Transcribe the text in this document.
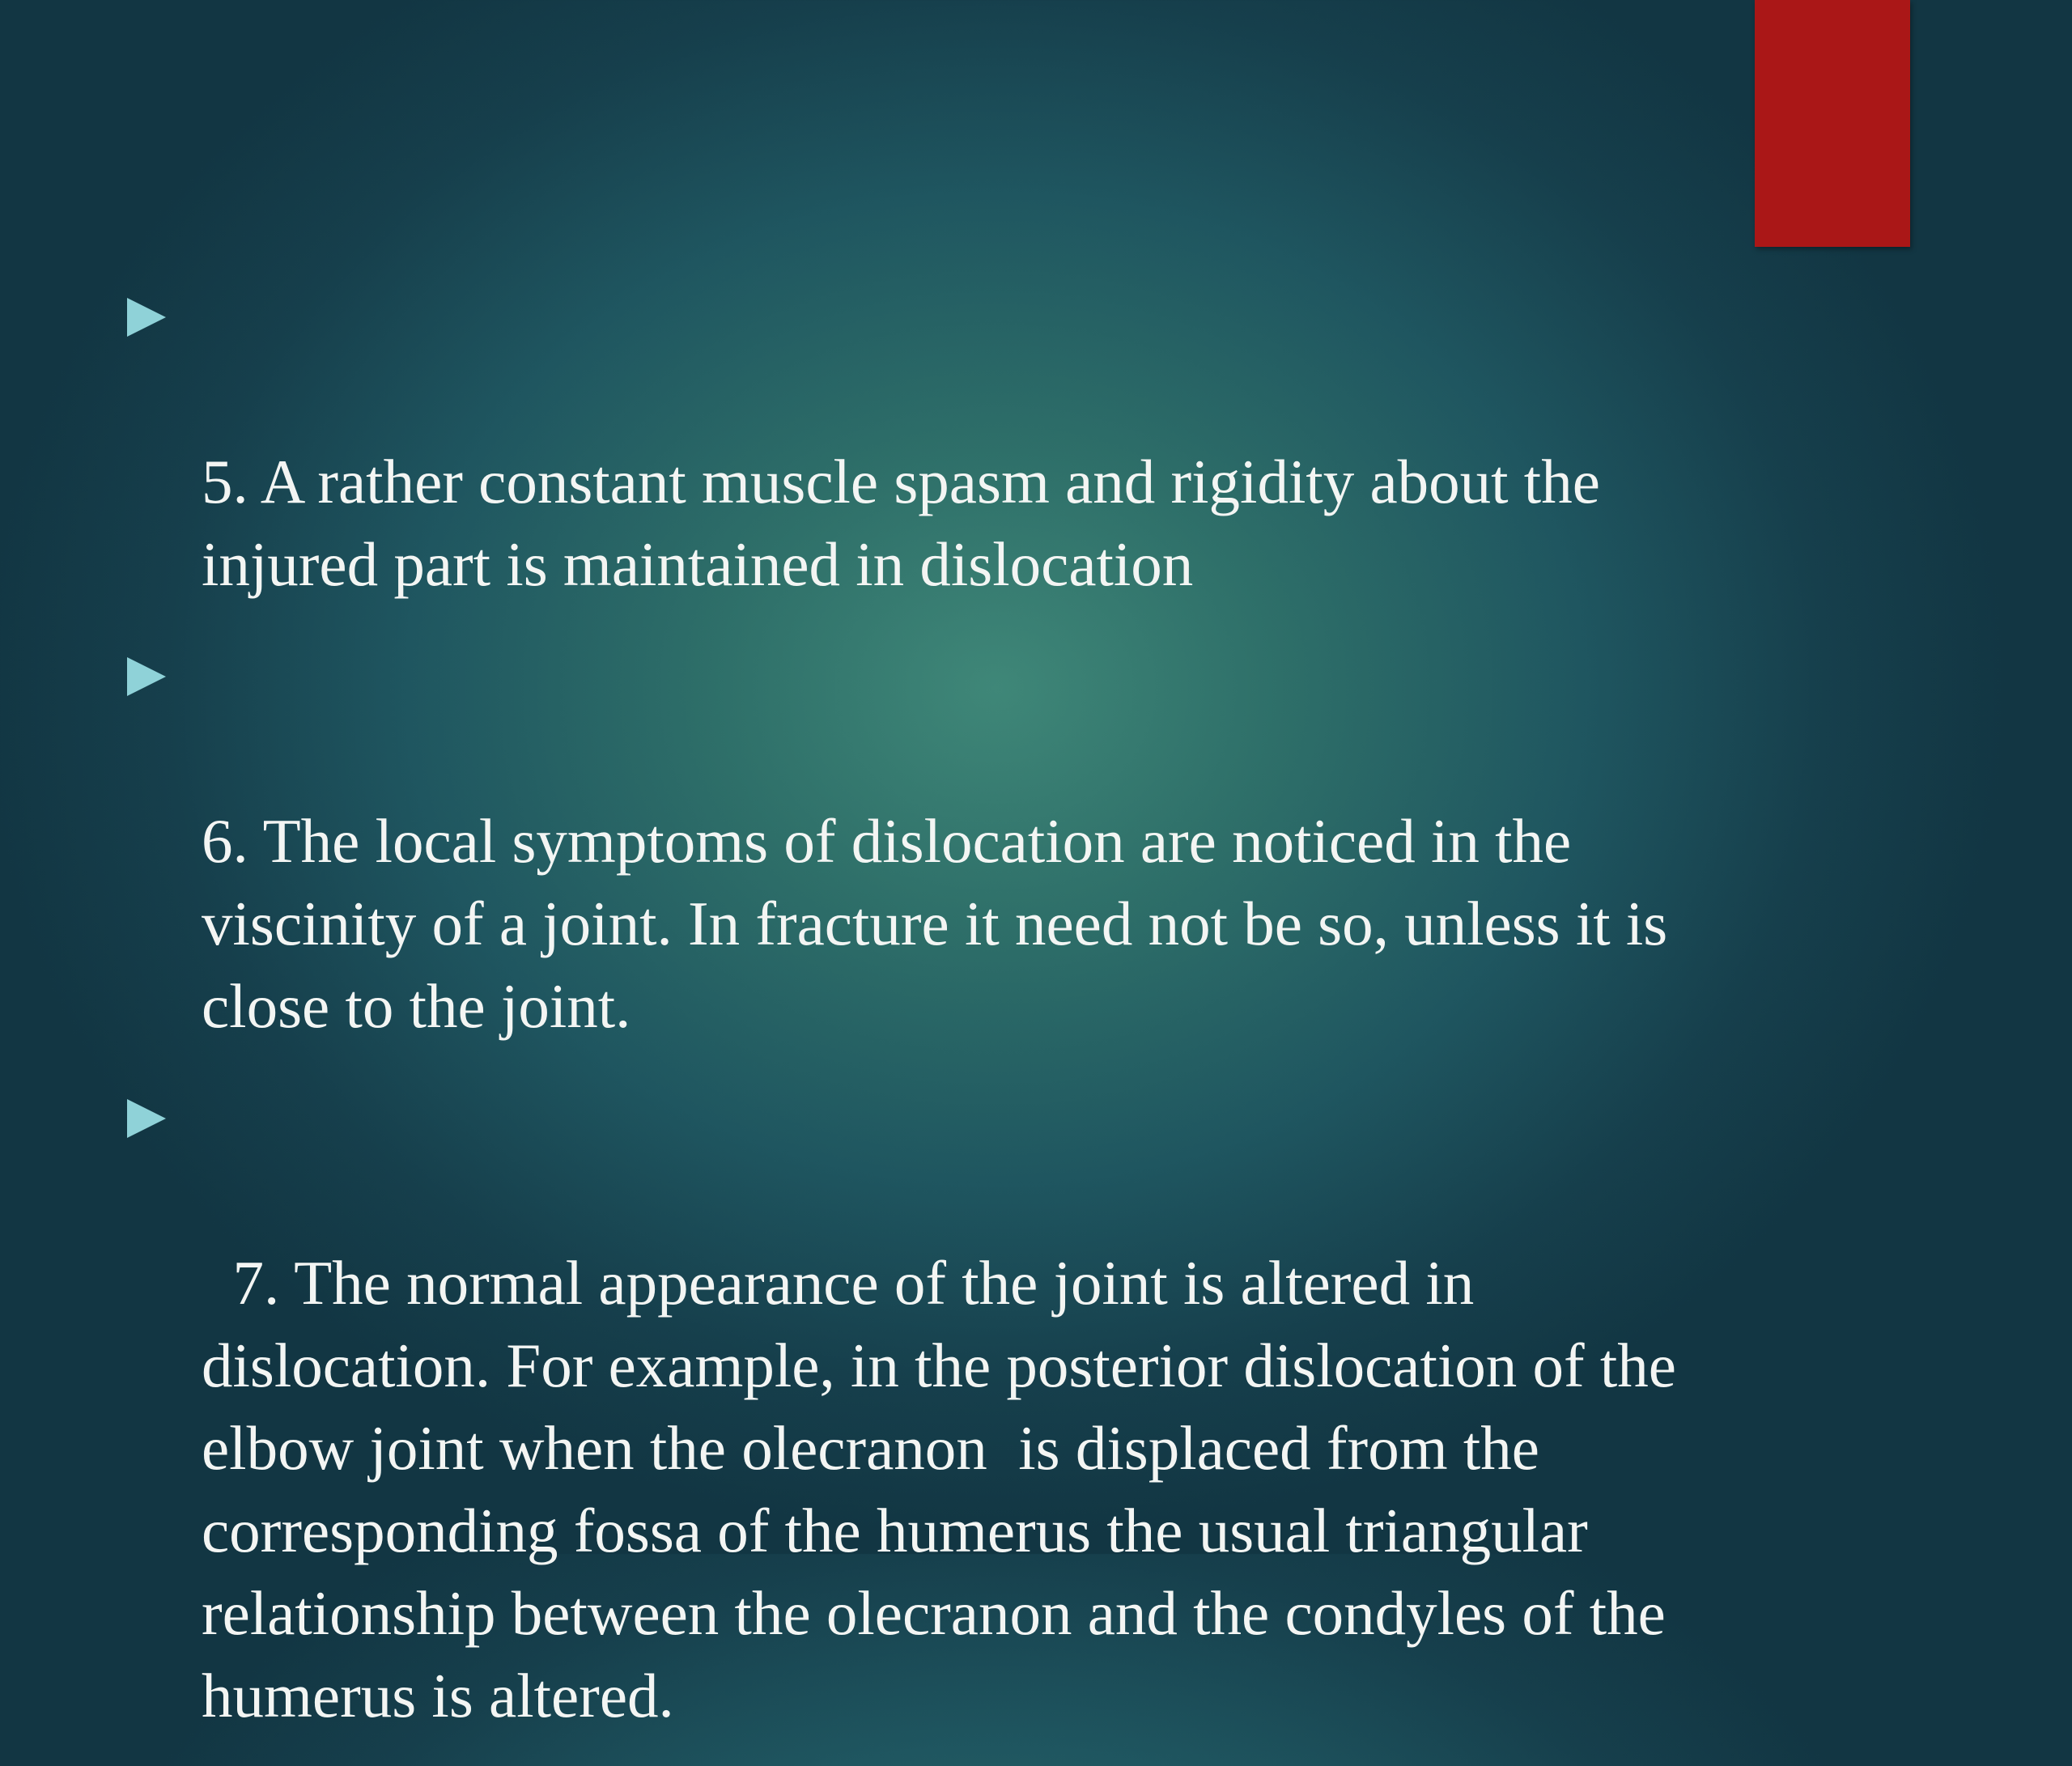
5. A rather constant muscle spasm and rigidity about the
injured part is maintained in dislocation

6. The local symptoms of dislocation are noticed in the
viscinity of a joint. In fracture it need not be so, unless it is
close to the joint.

7. The normal appearance of the joint is altered in
dislocation. For example, in the posterior dislocation of the
elbow joint when the olecranon  is displaced from the
corresponding fossa of the humerus the usual triangular
relationship between the olecranon and the condyles of the
humerus is altered.
